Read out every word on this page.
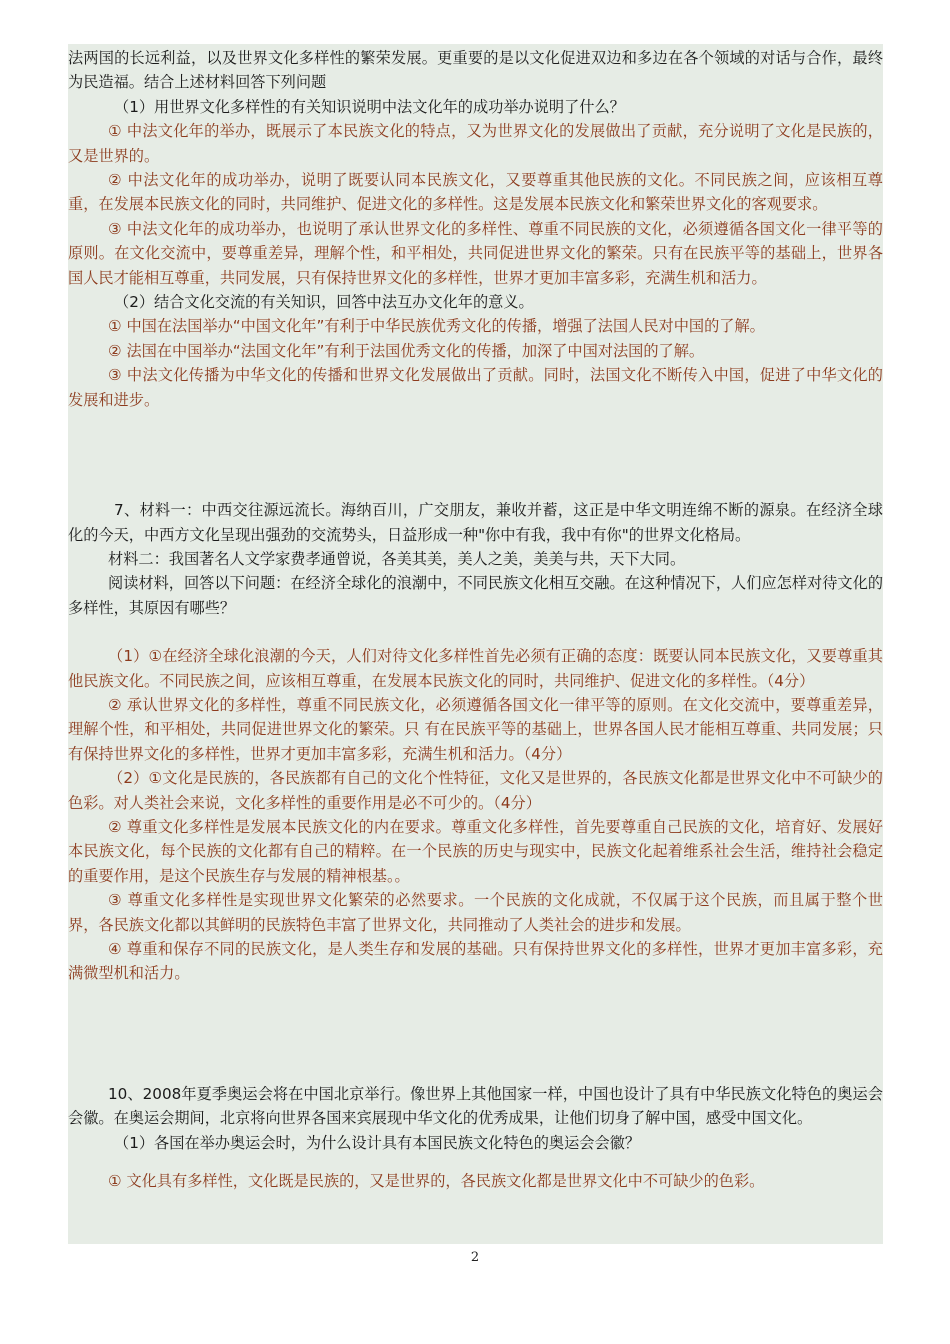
法两国的长远利益，以及世界文化多样性的繁荣发展。更重要的是以文化促进双边和多边在各个领域的对话与合作，最终为民造福。结合上述材料回答下列问题

（1）用世界文化多样性的有关知识说明中法文化年的成功举办说明了什么？

① 中法文化年的举办，既展示了本民族文化的特点，又为世界文化的发展做出了贡献，充分说明了文化是民族的，又是世界的。

② 中法文化年的成功举办，说明了既要认同本民族文化，又要尊重其他民族的文化。不同民族之间，应该相互尊重，在发展本民族文化的同时，共同维护、促进文化的多样性。这是发展本民族文化和繁荣世界文化的客观要求。

③ 中法文化年的成功举办，也说明了承认世界文化的多样性、尊重不同民族的文化，必须遵循各国文化一律平等的原则。在文化交流中，要尊重差异，理解个性，和平相处，共同促进世界文化的繁荣。只有在民族平等的基础上，世界各国人民才能相互尊重，共同发展，只有保持世界文化的多样性，世界才更加丰富多彩，充满生机和活力。

（2）结合文化交流的有关知识，回答中法互办文化年的意义。

① 中国在法国举办“中国文化年”有利于中华民族优秀文化的传播，增强了法国人民对中国的了解。

② 法国在中国举办“法国文化年”有利于法国优秀文化的传播，加深了中国对法国的了解。

③ 中法文化传播为中华文化的传播和世界文化发展做出了贡献。同时，法国文化不断传入中国，促进了中华文化的发展和进步。

7、材料一：中西交往源远流长。海纳百川，广交朋友，兼收并蓄，这正是中华文明连绵不断的源泉。在经济全球化的今天，中西方文化呈现出强劲的交流势头，日益形成一种"你中有我，我中有你"的世界文化格局。

材料二：我国著名人文学家费孝通曾说，各美其美，美人之美，美美与共，天下大同。

阅读材料，回答以下问题：在经济全球化的浪潮中，不同民族文化相互交融。在这种情况下，人们应怎样对待文化的多样性，其原因有哪些？

（1）①在经济全球化浪潮的今天，人们对待文化多样性首先必须有正确的态度：既要认同本民族文化，又要尊重其他民族文化。不同民族之间，应该相互尊重，在发展本民族文化的同时，共同维护、促进文化的多样性。（4分）

② 承认世界文化的多样性，尊重不同民族文化，必须遵循各国文化一律平等的原则。在文化交流中，要尊重差异，理解个性，和平相处，共同促进世界文化的繁荣。只 有在民族平等的基础上，世界各国人民才能相互尊重、共同发展；只有保持世界文化的多样性，世界才更加丰富多彩，充满生机和活力。（4分）

（2）①文化是民族的，各民族都有自己的文化个性特征，文化又是世界的，各民族文化都是世界文化中不可缺少的色彩。对人类社会来说，文化多样性的重要作用是必不可少的。（4分）

② 尊重文化多样性是发展本民族文化的内在要求。尊重文化多样性，首先要尊重自己民族的文化，培育好、发展好本民族文化，每个民族的文化都有自己的精粹。在一个民族的历史与现实中，民族文化起着维系社会生活，维持社会稳定的重要作用，是这个民族生存与发展的精神根基。。

③ 尊重文化多样性是实现世界文化繁荣的必然要求。一个民族的文化成就，不仅属于这个民族，而且属于整个世界，各民族文化都以其鲜明的民族特色丰富了世界文化，共同推动了人类社会的进步和发展。

④ 尊重和保存不同的民族文化，是人类生存和发展的基础。只有保持世界文化的多样性，世界才更加丰富多彩，充满微型机和活力。

10、2008年夏季奥运会将在中国北京举行。像世界上其他国家一样，中国也设计了具有中华民族文化特色的奥运会会徽。在奥运会期间，北京将向世界各国来宾展现中华文化的优秀成果，让他们切身了解中国，感受中国文化。

（1）各国在举办奥运会时，为什么设计具有本国民族文化特色的奥运会会徽？

① 文化具有多样性，文化既是民族的，又是世界的，各民族文化都是世界文化中不可缺少的色彩。

2
